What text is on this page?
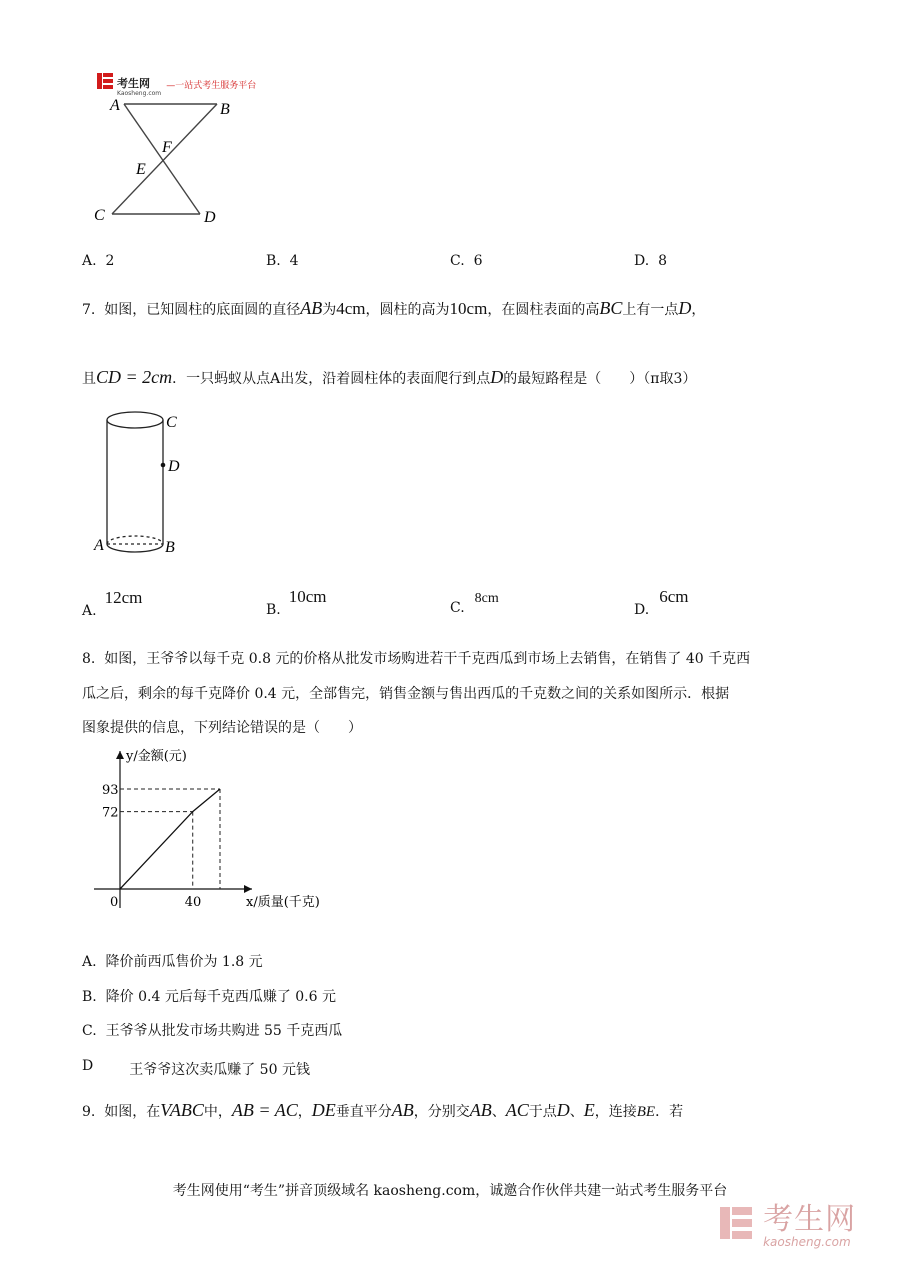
考生网
Kaosheng.com
$^{—一站式考生服务平台}$
A	B
F
E
C	D
A. 2	B. 4	C. 6	D. 8
7. 如图，已知圆柱的底面圆的直径AB为4cm，圆柱的高为10cm，在圆柱表面的高BC上有一点D，
且CD = 2cm．一只蚂蚁从点A出发，沿着圆柱体的表面爬行到点D的最短路程是（　　）（π取3）
C
D
A	B
A.12cm
B.10cm
C.8cm
D.6cm
8. 如图，王爷爷以每千克 0.8 元的价格从批发市场购进若干千克西瓜到市场上去销售，在销售了 40 千克西
瓜之后，剩余的每千克降价 0.4 元，全部售完，销售金额与售出西瓜的千克数之间的关系如图所示．根据
图象提供的信息，下列结论错误的是（　　）
y/金额(元)
x/质量(千克)
93
72
0	40
A. 降价前西瓜售价为 1.8 元
B. 降价 0.4 元后每千克西瓜赚了 0.6 元
C. 王爷爷从批发市场共购进 55 千克西瓜
D	王爷爷这次卖瓜赚了 50 元钱
9. 如图，在VABC中，AB = AC，DE垂直平分AB，分别交AB、AC于点D、E，连接BE．若
考生网使用“考生”拼音顶级域名 kaosheng.com，诚邀合作伙伴共建一站式考生服务平台

考生网
kaosheng.com
